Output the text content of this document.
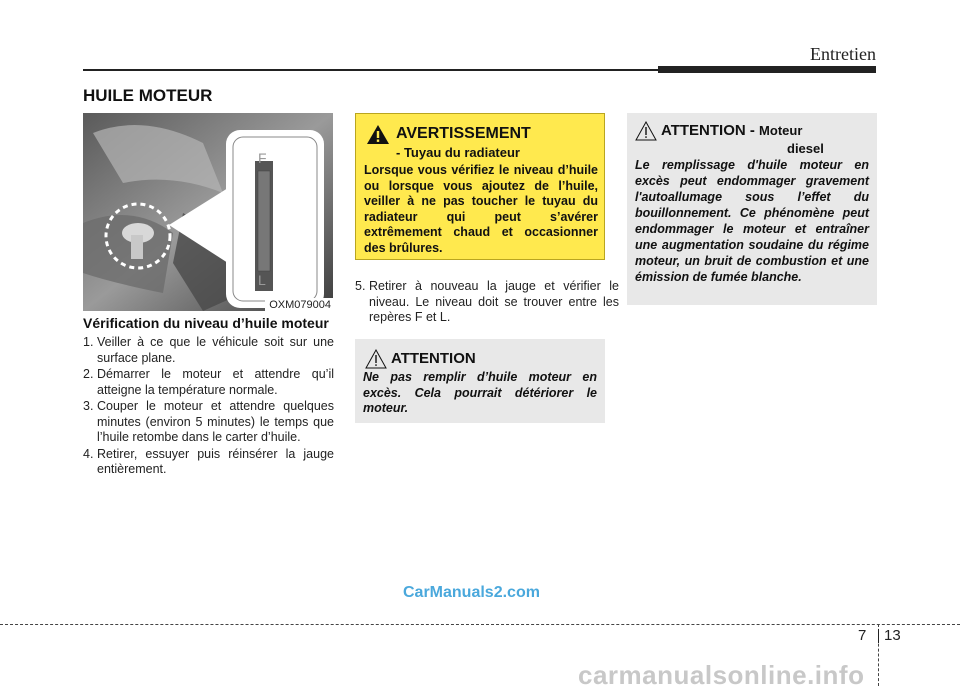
Entretien
HUILE MOTEUR
F
L
OXM079004
Vérification du niveau d’huile moteur
1. Veiller à ce que le véhicule soit sur une surface plane.
2. Démarrer le moteur et attendre qu’il atteigne la température normale.
3. Couper le moteur et attendre quelques minutes (environ 5 minutes) le temps que l’huile retombe dans le carter d’huile.
4. Retirer, essuyer puis réinsérer la jauge entièrement.
AVERTISSEMENT
- Tuyau du radiateur
Lorsque vous vérifiez le niveau d’huile ou lorsque vous ajoutez de l’huile, veiller à ne pas toucher le tuyau du radiateur qui peut s’avérer extrêmement chaud et occasionner des brûlures.
5. Retirer à nouveau la jauge et vérifier le niveau. Le niveau doit se trouver entre les repères F et L.
ATTENTION
Ne pas remplir d’huile moteur en excès. Cela pourrait détériorer le moteur.
ATTENTION - Moteur
diesel
Le remplissage d'huile moteur en excès peut endommager gravement l'autoallumage sous l’effet du bouillonnement. Ce phénomène peut endommager le moteur et entraîner une augmentation soudaine du régime moteur, un bruit de combustion et une émission de fumée blanche.
CarManuals2.com
7 13
carmanualsonline.info
